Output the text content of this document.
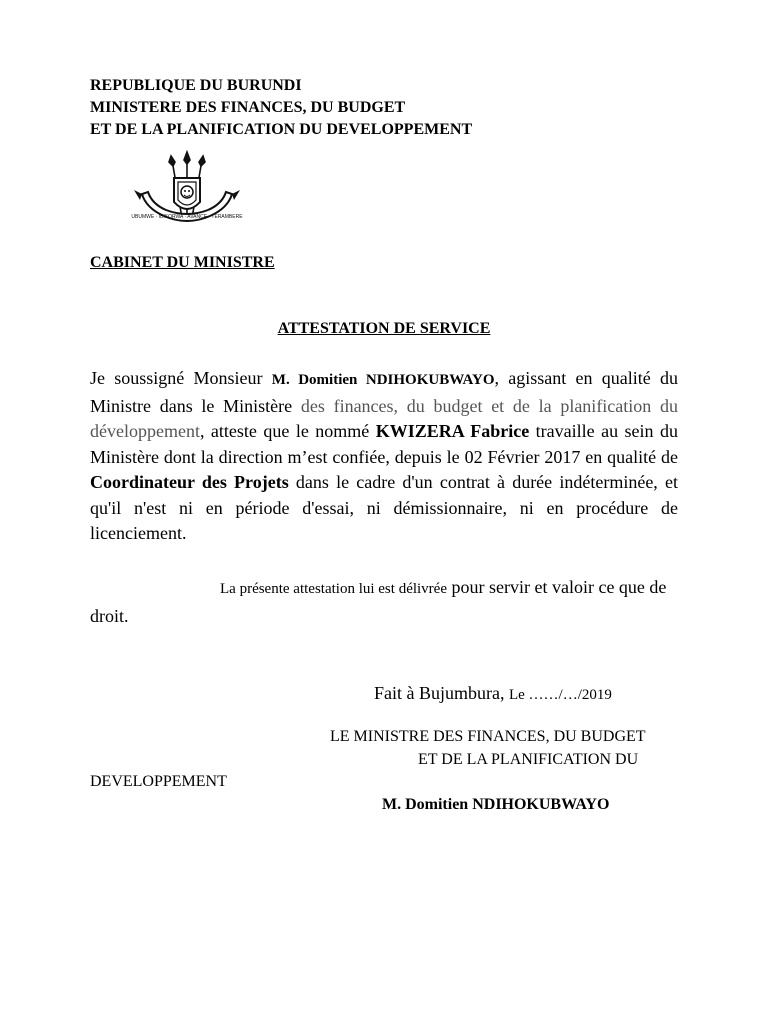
REPUBLIQUE DU BURUNDI
MINISTERE DES FINANCES, DU BUDGET
ET DE LA PLANIFICATION DU DEVELOPPEMENT
UBUMWE · IBIKORWA · AVANCE · TERAMBERE
CABINET DU MINISTRE
ATTESTATION DE SERVICE
Je soussigné Monsieur M. Domitien NDIHOKUBWAYO, agissant en qualité du Ministre dans le Ministère des finances, du budget et de la planification du développement, atteste que le nommé KWIZERA Fabrice travaille au sein du Ministère dont la direction m’est confiée, depuis le 02 Février 2017 en qualité de Coordinateur des Projets dans le cadre d'un contrat à durée indéterminée, et qu'il n'est ni en période d'essai, ni démissionnaire, ni en procédure de licenciement.
La présente attestation lui est délivrée pour servir et valoir ce que de droit.
Fait à Bujumbura, Le ……/…/2019
LE MINISTRE DES FINANCES, DU BUDGET
ET DE LA PLANIFICATION DU
DEVELOPPEMENT
M. Domitien NDIHOKUBWAYO
